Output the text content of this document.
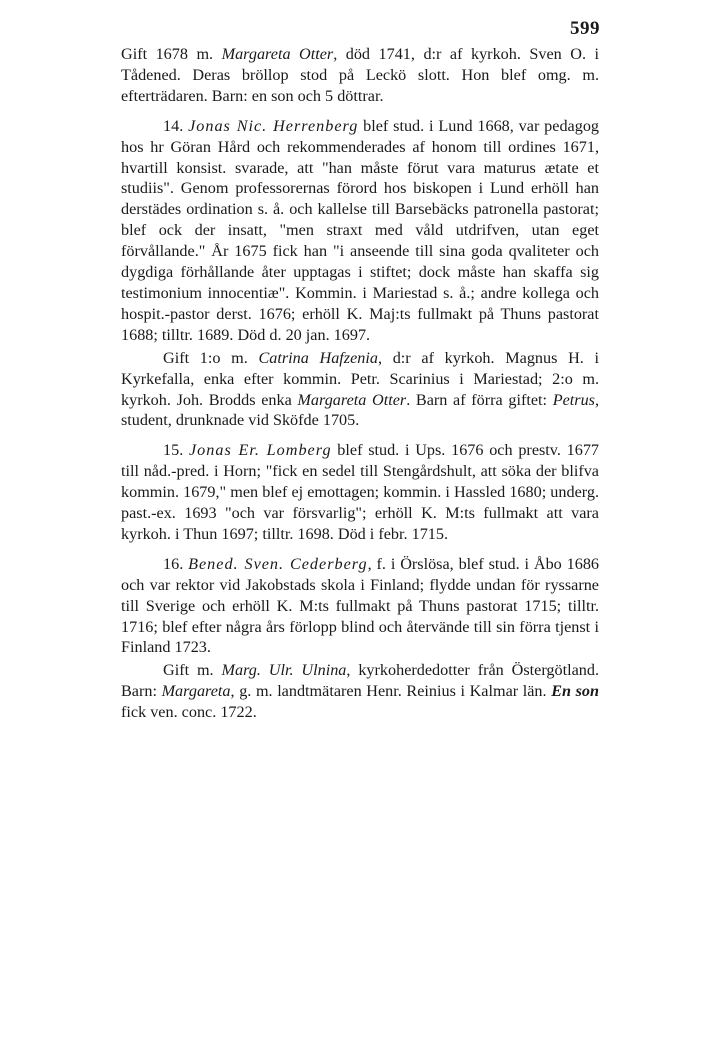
599

Gift 1678 m. Margareta Otter, död 1741, d:r af kyrkoh. Sven O. i Tådened. Deras bröllop stod på Leckö slott. Hon blef omg. m. efterträdaren. Barn: en son och 5 döttrar.

14. Jonas Nic. Herrenberg blef stud. i Lund 1668, var pedagog hos hr Göran Hård och rekommenderades af honom till ordines 1671, hvartill konsist. svarade, att "han måste förut vara maturus ætate et studiis". Genom professorernas förord hos biskopen i Lund erhöll han derstädes ordination s. å. och kallelse till Barsebäcks patronella pastorat; blef ock der insatt, "men straxt med våld utdrifven, utan eget förvållande." År 1675 fick han "i anseende till sina goda qvaliteter och dygdiga förhållande åter upptagas i stiftet; dock måste han skaffa sig testimonium innocentiæ". Kommin. i Mariestad s. å.; andre kollega och hospit.-pastor derst. 1676; erhöll K. Maj:ts fullmakt på Thuns pastorat 1688; tilltr. 1689. Död d. 20 jan. 1697.

Gift 1:o m. Catrina Hafzenia, d:r af kyrkoh. Magnus H. i Kyrkefalla, enka efter kommin. Petr. Scarinius i Mariestad; 2:o m. kyrkoh. Joh. Brodds enka Margareta Otter. Barn af förra giftet: Petrus, student, drunknade vid Sköfde 1705.

15. Jonas Er. Lomberg blef stud. i Ups. 1676 och prestv. 1677 till nåd.-pred. i Horn; "fick en sedel till Stengårdshult, att söka der blifva kommin. 1679," men blef ej emottagen; kommin. i Hassled 1680; underg. past.-ex. 1693 "och var försvarlig"; erhöll K. M:ts fullmakt att vara kyrkoh. i Thun 1697; tilltr. 1698. Död i febr. 1715.

16. Bened. Sven. Cederberg, f. i Örslösa, blef stud. i Åbo 1686 och var rektor vid Jakobstads skola i Finland; flydde undan för ryssarne till Sverige och erhöll K. M:ts fullmakt på Thuns pastorat 1715; tilltr. 1716; blef efter några års förlopp blind och återvände till sin förra tjenst i Finland 1723.

Gift m. Marg. Ulr. Ulnina, kyrkoherdedotter från Östergötland. Barn: Margareta, g. m. landtmätaren Henr. Reinius i Kalmar län. En son fick ven. conc. 1722.
